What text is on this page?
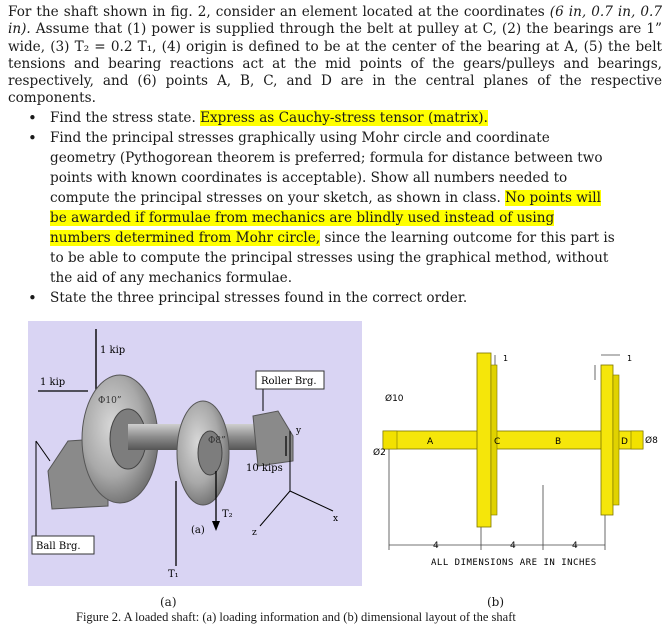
For the shaft shown in fig. 2, consider an element located at the coordinates (6 in, 0.7 in, 0.7 in). Assume that (1) power is supplied through the belt at pulley at C, (2) the bearings are 1” wide, (3) T₂ = 0.2 T₁, (4) origin is defined to be at the center of the bearing at A, (5) the belt tensions and bearing reactions act at the mid points of the gears/pulleys and bearings, respectively, and (6) points A, B, C, and D are in the central planes of the respective components.

• Find the stress state. Express as Cauchy-stress tensor (matrix).
• Find the principal stresses graphically using Mohr circle and coordinate geometry (Pythogorean theorem is preferred; formula for distance between two points with known coordinates is acceptable). Show all numbers needed to compute the principal stresses on your sketch, as shown in class. No points will be awarded if formulae from mechanics are blindly used instead of using numbers determined from Mohr circle, since the learning outcome for this part is to be able to compute the principal stresses using the graphical method, without the aid of any mechanics formulae.
• State the three principal stresses found in the correct order.
1 kip
1 kip
Φ10”
Φ8”
Roller Brg.
Ball Brg.
10 kips
T₂
T₁
y
x
z
(a)
Ø10
Ø2
Ø8
A	C	B	D
1	1
4	4	4
ALL DIMENSIONS ARE IN INCHES
(a)	(b)
Figure 2. A loaded shaft: (a) loading information and (b) dimensional layout of the shaft
